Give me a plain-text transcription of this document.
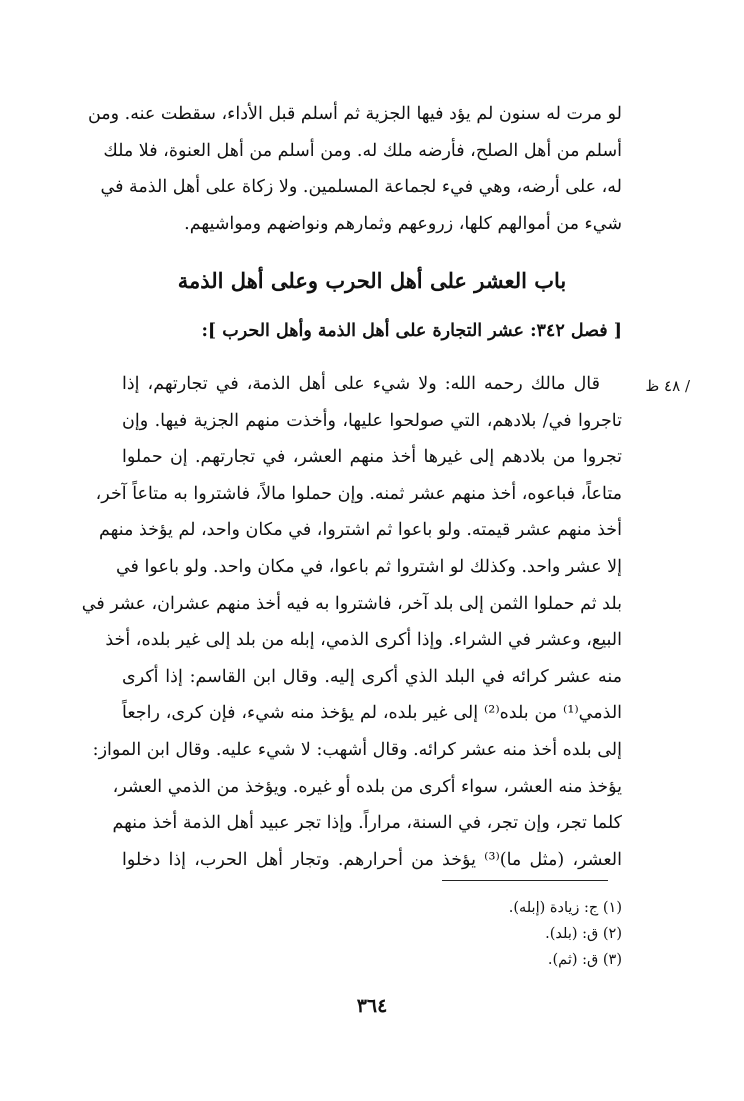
لو مرت له سنون لم يؤد فيها الجزية ثم أسلم قبل الأداء، سقطت عنه. ومن
أسلم من أهل الصلح، فأرضه ملك له. ومن أسلم من أهل العنوة، فلا ملك
له، على أرضه، وهي فيء لجماعة المسلمين. ولا زكاة على أهل الذمة في
شيء من أموالهم كلها، زروعهم وثمارهم ونواضهم ومواشيهم.
باب العشر على أهل الحرب وعلى أهل الذمة
[ فصل ٣٤٢: عشر التجارة على أهل الذمة وأهل الحرب ]:
/ ٤٨ ظ
قال مالك رحمه الله: ولا شيء على أهل الذمة، في تجارتهم، إذا
تاجروا في/ بلادهم، التي صولحوا عليها، وأخذت منهم الجزية فيها. وإن
تجروا من بلادهم إلى غيرها أخذ منهم العشر، في تجارتهم. إن حملوا
متاعاً، فباعوه، أخذ منهم عشر ثمنه. وإن حملوا مالاً، فاشتروا به متاعاً آخر،
أخذ منهم عشر قيمته. ولو باعوا ثم اشتروا، في مكان واحد، لم يؤخذ منهم
إلا عشر واحد. وكذلك لو اشتروا ثم باعوا، في مكان واحد. ولو باعوا في
بلد ثم حملوا الثمن إلى بلد آخر، فاشتروا به فيه أخذ منهم عشران، عشر في
البيع، وعشر في الشراء. وإذا أكرى الذمي، إبله من بلد إلى غير بلده، أخذ
منه عشر كرائه في البلد الذي أكرى إليه. وقال ابن القاسم: إذا أكرى
الذمي⁽¹⁾ من بلده⁽²⁾ إلى غير بلده، لم يؤخذ منه شيء، فإن كرى، راجعاً
إلى بلده أخذ منه عشر كرائه. وقال أشهب: لا شيء عليه. وقال ابن المواز:
يؤخذ منه العشر، سواء أكرى من بلده أو غيره. ويؤخذ من الذمي العشر،
كلما تجر، وإن تجر، في السنة، مراراً. وإذا تجر عبيد أهل الذمة أخذ منهم
العشر، (مثل ما)⁽³⁾ يؤخذ من أحرارهم. وتجار أهل الحرب، إذا دخلوا
(١) ج: زيادة (إبله).
(٢) ق: (بلد).
(٣) ق: (ثم).
٣٦٤
